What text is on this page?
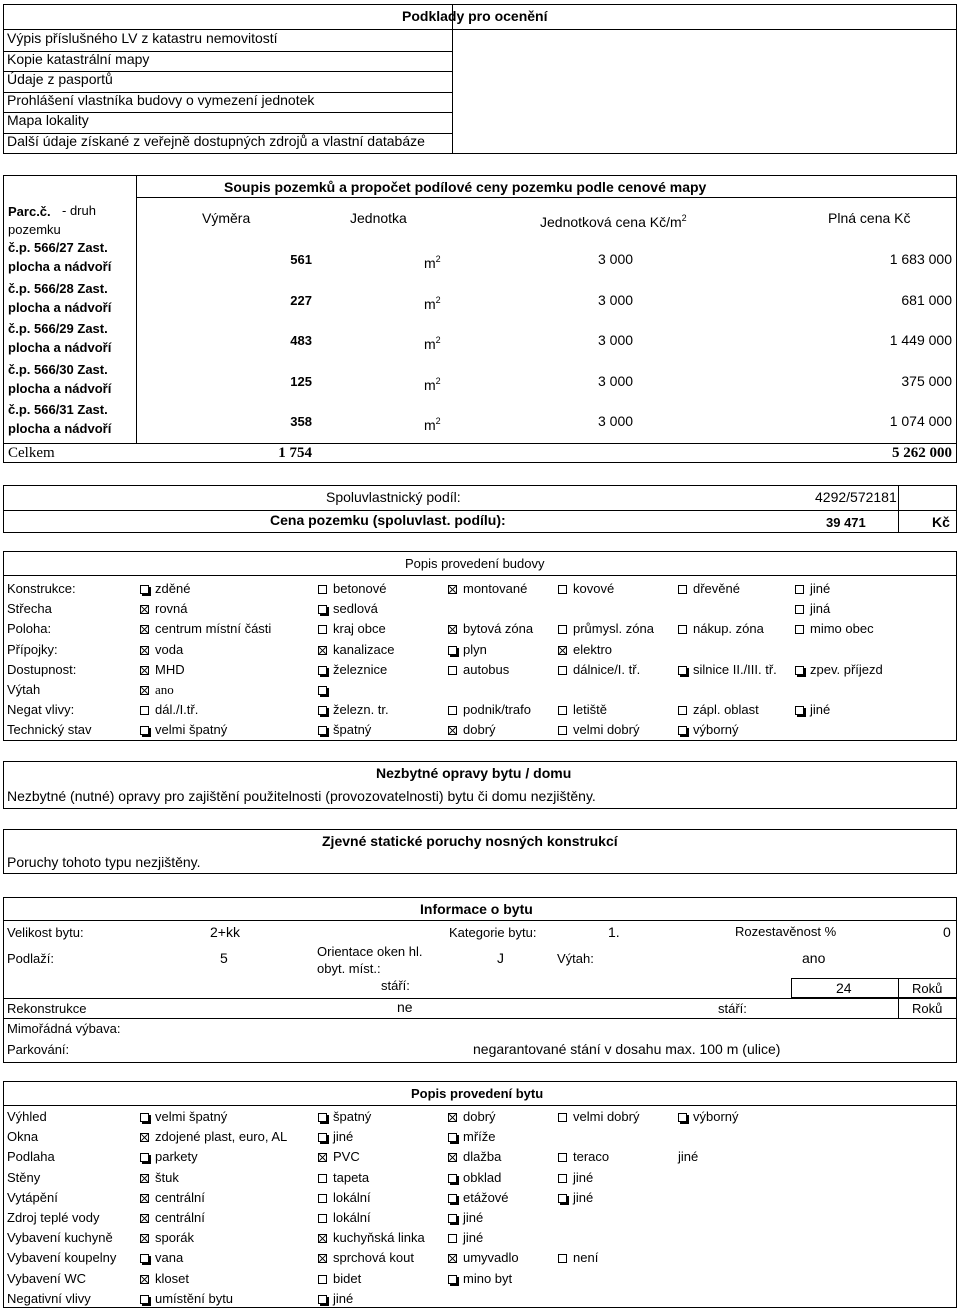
Podklady pro ocenění
Výpis příslušného LV z katastru nemovitostí
Kopie katastrální mapy
Údaje z pasportů
Prohlášení vlastníka budovy o vymezení jednotek
Mapa lokality
Další údaje získané z veřejně dostupných zdrojů a vlastní databáze
Soupis pozemků a propočet podílové ceny pozemku podle cenové mapy
Parc.č. - druh
pozemku
Výměra	Jednotka	Jednotková cena $Kč/m^2$	Plná cena Kč
č.p. 566/27 Zast.
plocha a nádvoří	561	$m^2$	3 000	1 683 000
č.p. 566/28 Zast.
plocha a nádvoří	227	$m^2$	3 000	681 000
č.p. 566/29 Zast.
plocha a nádvoří	483	$m^2$	3 000	1 449 000
č.p. 566/30 Zast.
plocha a nádvoří	125	$m^2$	3 000	375 000
č.p. 566/31 Zast.
plocha a nádvoří	358	$m^2$	3 000	1 074 000
Celkem	1 754	5 262 000
Spoluvlastnický podíl:	4292/572181
Cena pozemku (spoluvlast. podílu):	39 471	Kč
Popis provedení budovy
Konstrukce:	zděné	betonové	montované	kovové	dřevěné	jiné
Střecha	rovná	sedlová	jiná
Poloha:	centrum místní části	kraj obce	bytová zóna	průmysl. zóna	nákup. zóna	mimo obec
Přípojky:	voda	kanalizace	plyn	elektro
Dostupnost:	MHD	železnice	autobus	dálnice/I. tř.	silnice II./III. tř.	zpev. příjezd
Výtah	ano
Negat vlivy:	dál./I.tř.	železn. tr.	podnik/trafo	letiště	zápl. oblast	jiné
Technický stav	velmi špatný	špatný	dobrý	velmi dobrý	výborný
Nezbytné opravy bytu / domu
Nezbytné (nutné) opravy pro zajištění použitelnosti (provozovatelnosti) bytu či domu nezjištěny.
Zjevné statické poruchy nosných konstrukcí
Poruchy tohoto typu nezjištěny.
Informace o bytu
Velikost bytu:	2+kk	Kategorie bytu:	1.	Rozestavěnost %	0
Podlaží:	5	Orientace oken hl.
obyt. míst.:
J	Výtah:	ano
stáří:	24	Roků
Rekonstrukce	ne	stáří:	Roků
Mimořádná výbava:
Parkování:	negarantované stání v dosahu max. 100 m (ulice)
Popis provedení bytu
Výhled	velmi špatný	špatný	dobrý	velmi dobrý	výborný
Okna	zdojené plast, euro, AL	jiné	mříže
Podlaha	parkety	PVC	dlažba	teraco	jiné
Stěny	štuk	tapeta	obklad	jiné
Vytápění	centrální	lokální	etážové	jiné
Zdroj teplé vody	centrální	lokální	jiné
Vybavení kuchyně	sporák	kuchyňská linka	jiné
Vybavení koupelny	vana	sprchová kout	umyvadlo	není
Vybavení WC	kloset	bidet	mino byt
Negativní vlivy	umístění bytu	jiné
